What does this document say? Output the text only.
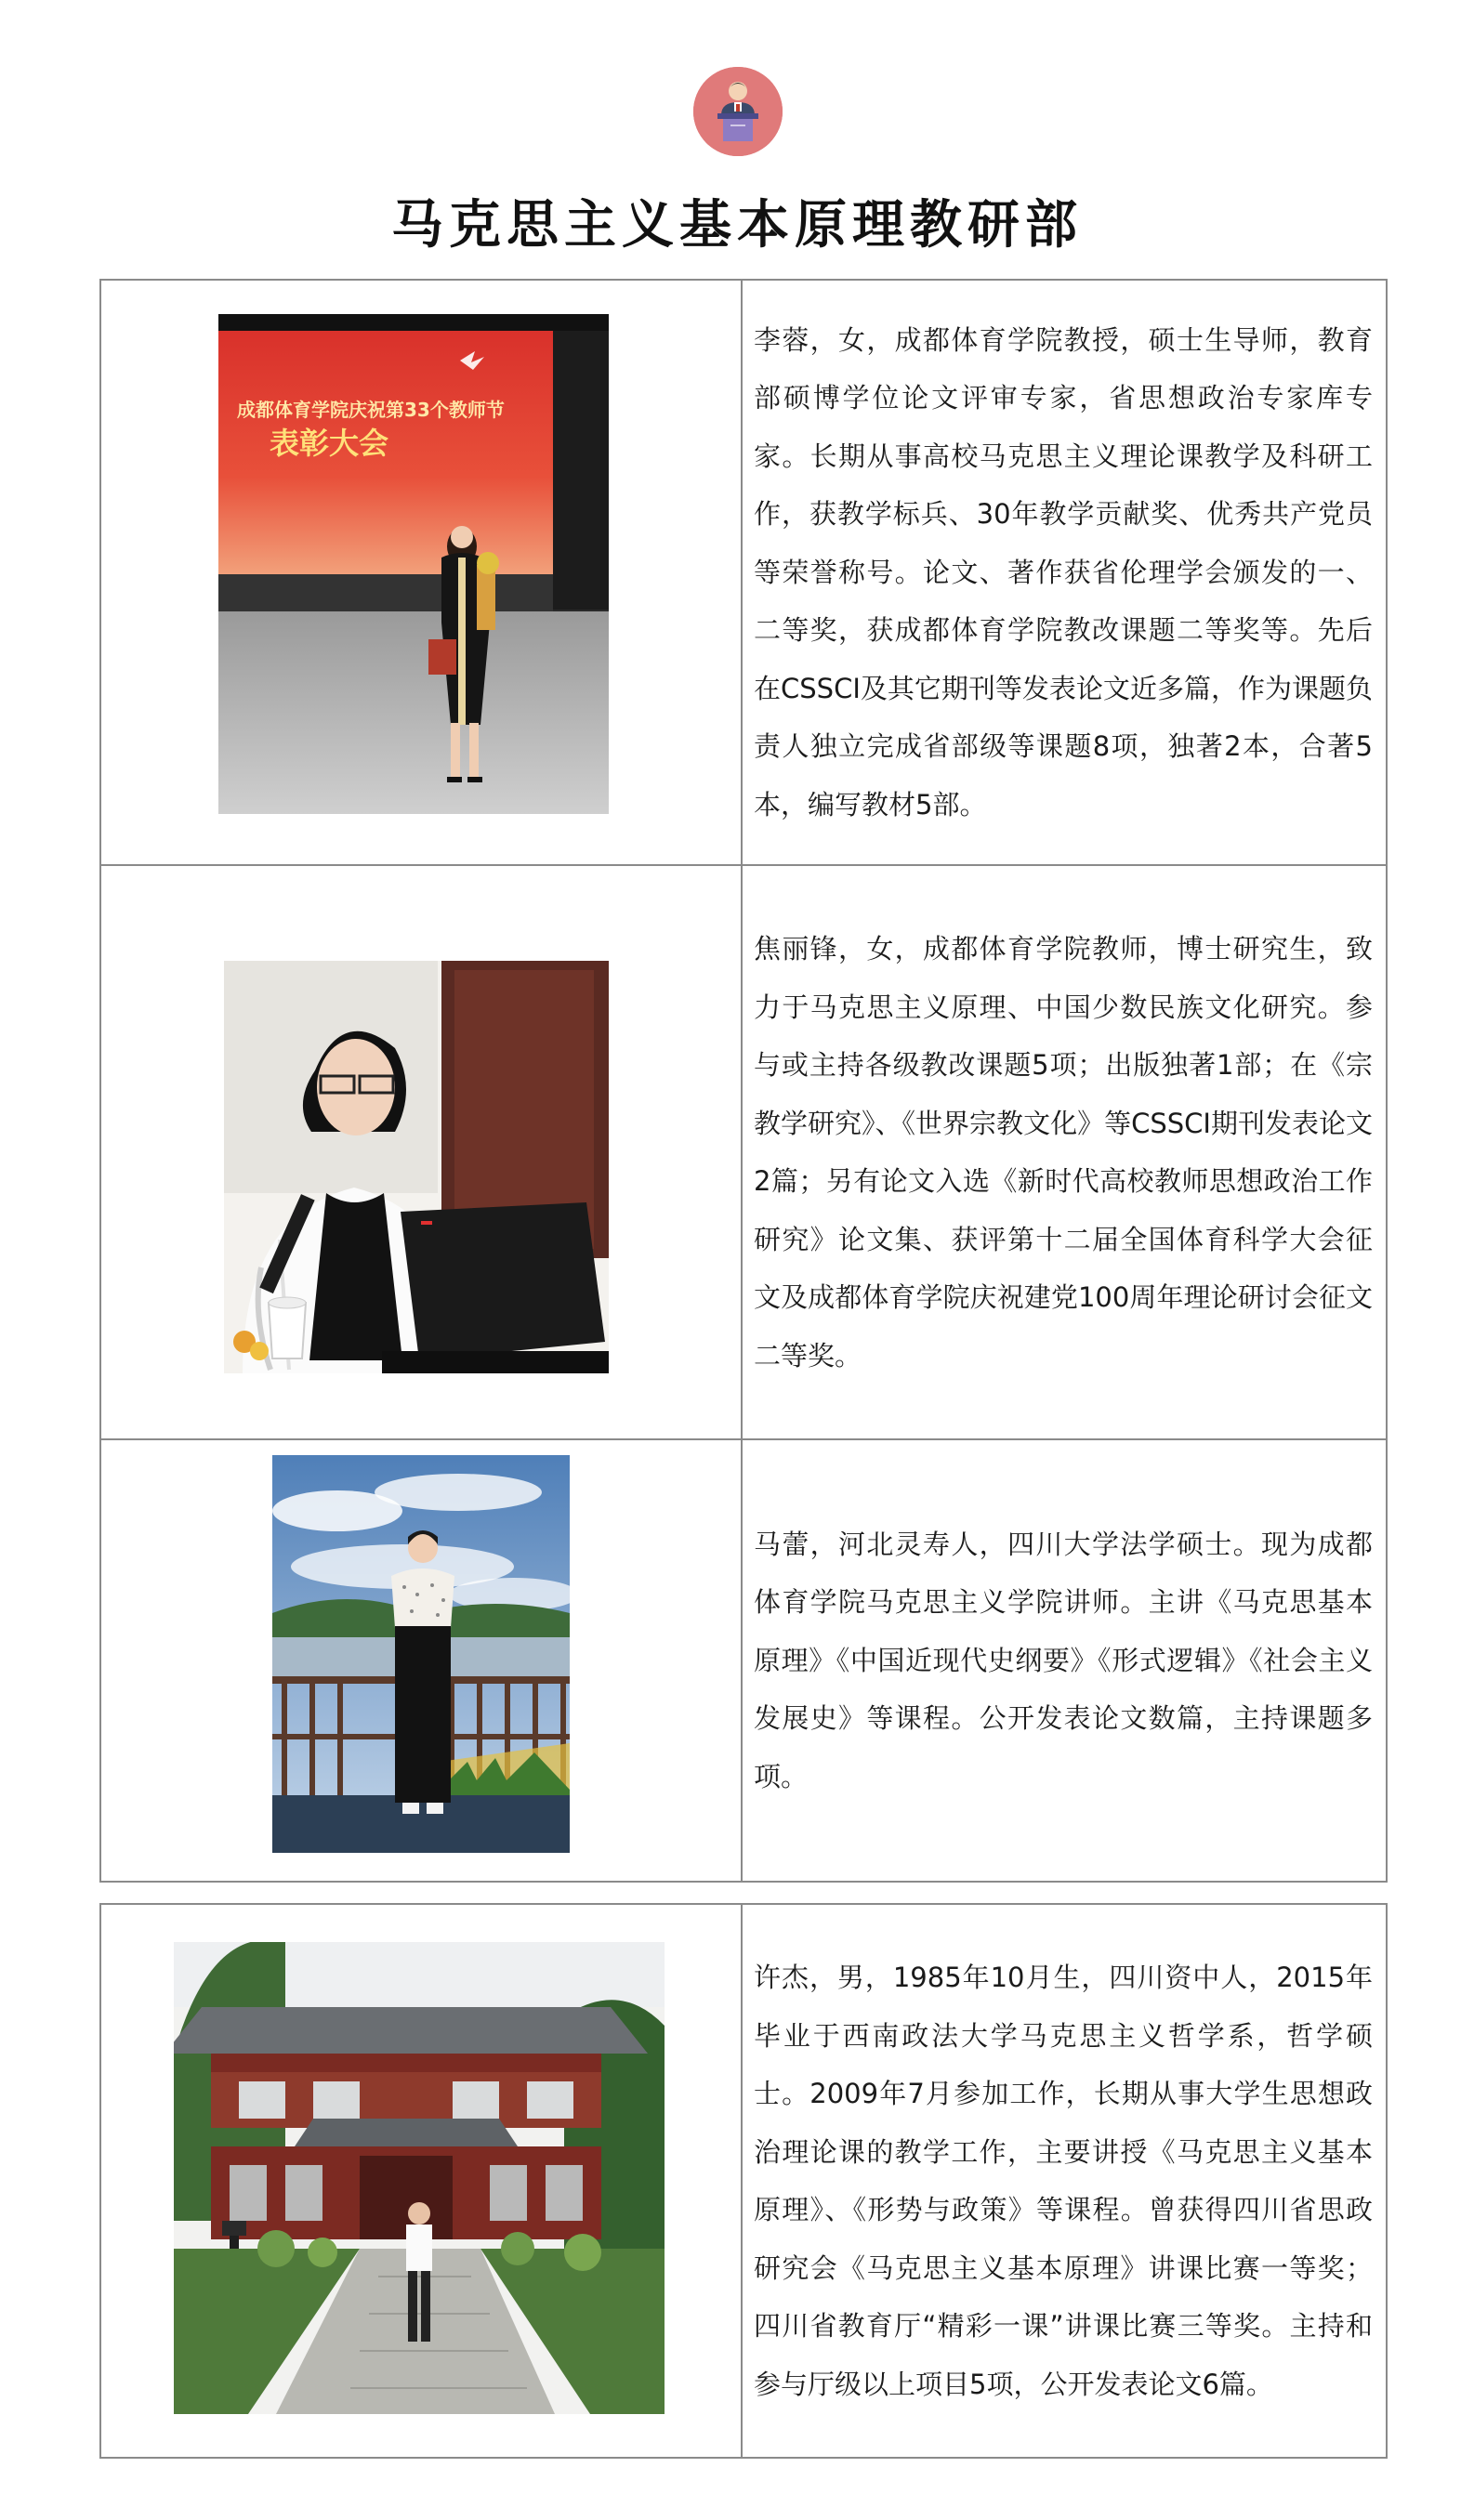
马克思主义基本原理教研部
成都体育学院庆祝第33个教师节
表彰大会	李蓉，女，成都体育学院教授，硕士生导师，教育部硕博学位论文评审专家，省思想政治专家库专家。长期从事高校马克思主义理论课教学及科研工作，获教学标兵、30年教学贡献奖、优秀共产党员等荣誉称号。论文、著作获省伦理学会颁发的一、二等奖，获成都体育学院教改课题二等奖等。先后在CSSCI及其它期刊等发表论文近多篇，作为课题负责人独立完成省部级等课题8项，独著2本，合著5本，编写教材5部。

焦丽锋，女，成都体育学院教师，博士研究生，致力于马克思主义原理、中国少数民族文化研究。参与或主持各级教改课题5项；出版独著1部；在《宗教学研究》、《世界宗教文化》等CSSCI期刊发表论文2篇；另有论文入选《新时代高校教师思想政治工作研究》论文集、获评第十二届全国体育科学大会征文及成都体育学院庆祝建党100周年理论研讨会征文二等奖。

马蕾，河北灵寿人，四川大学法学硕士。现为成都体育学院马克思主义学院讲师。主讲《马克思基本原理》《中国近现代史纲要》《形式逻辑》《社会主义发展史》等课程。公开发表论文数篇，主持课题多项。

许杰，男，1985年10月生，四川资中人，2015年毕业于西南政法大学马克思主义哲学系，哲学硕士。2009年7月参加工作，长期从事大学生思想政治理论课的教学工作，主要讲授《马克思主义基本原理》、《形势与政策》等课程。曾获得四川省思政研究会《马克思主义基本原理》讲课比赛一等奖；四川省教育厅“精彩一课”讲课比赛三等奖。主持和参与厅级以上项目5项，公开发表论文6篇。
